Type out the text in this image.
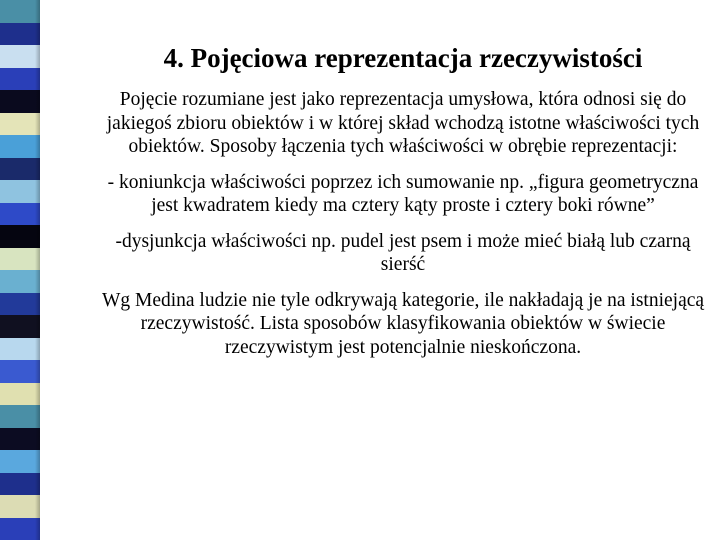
4. Pojęciowa reprezentacja rzeczywistości
Pojęcie rozumiane jest jako reprezentacja umysłowa, która odnosi się do jakiegoś zbioru obiektów i w której skład wchodzą istotne właściwości tych obiektów. Sposoby łączenia tych właściwości w obrębie reprezentacji:
- koniunkcja właściwości poprzez ich sumowanie np. „figura geometryczna jest kwadratem kiedy ma cztery kąty proste i cztery boki równe”
-dysjunkcja właściwości np. pudel jest psem i może mieć białą lub czarną sierść
Wg Medina ludzie nie tyle odkrywają kategorie, ile nakładają je na istniejącą rzeczywistość. Lista sposobów klasyfikowania obiektów w świecie rzeczywistym jest potencjalnie nieskończona.
